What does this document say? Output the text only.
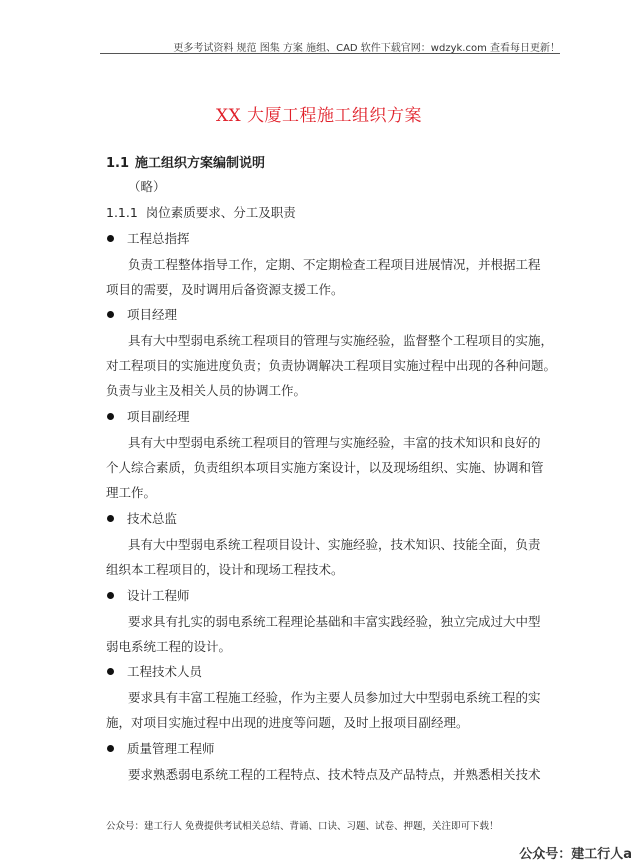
更多考试资料 规范 图集 方案 施组、CAD 软件下载官网：wdzyk.com 查看每日更新！
XX 大厦工程施工组织方案
1.1 施工组织方案编制说明
（略）
1.1.1 岗位素质要求、分工及职责
工程总指挥
负责工程整体指导工作，定期、不定期检查工程项目进展情况，并根据工程
项目的需要，及时调用后备资源支援工作。
项目经理
具有大中型弱电系统工程项目的管理与实施经验，监督整个工程项目的实施，
对工程项目的实施进度负责；负责协调解决工程项目实施过程中出现的各种问题。
负责与业主及相关人员的协调工作。
项目副经理
具有大中型弱电系统工程项目的管理与实施经验，丰富的技术知识和良好的
个人综合素质，负责组织本项目实施方案设计，以及现场组织、实施、协调和管
理工作。
技术总监
具有大中型弱电系统工程项目设计、实施经验，技术知识、技能全面，负责
组织本工程项目的，设计和现场工程技术。
设计工程师
要求具有扎实的弱电系统工程理论基础和丰富实践经验，独立完成过大中型
弱电系统工程的设计。
工程技术人员
要求具有丰富工程施工经验，作为主要人员参加过大中型弱电系统工程的实
施，对项目实施过程中出现的进度等问题，及时上报项目副经理。
质量管理工程师
要求熟悉弱电系统工程的工程特点、技术特点及产品特点，并熟悉相关技术
公众号：建工行人 免费提供考试相关总结、背诵、口诀、习题、试卷、押题，关注即可下载！
公众号：建工行人a
